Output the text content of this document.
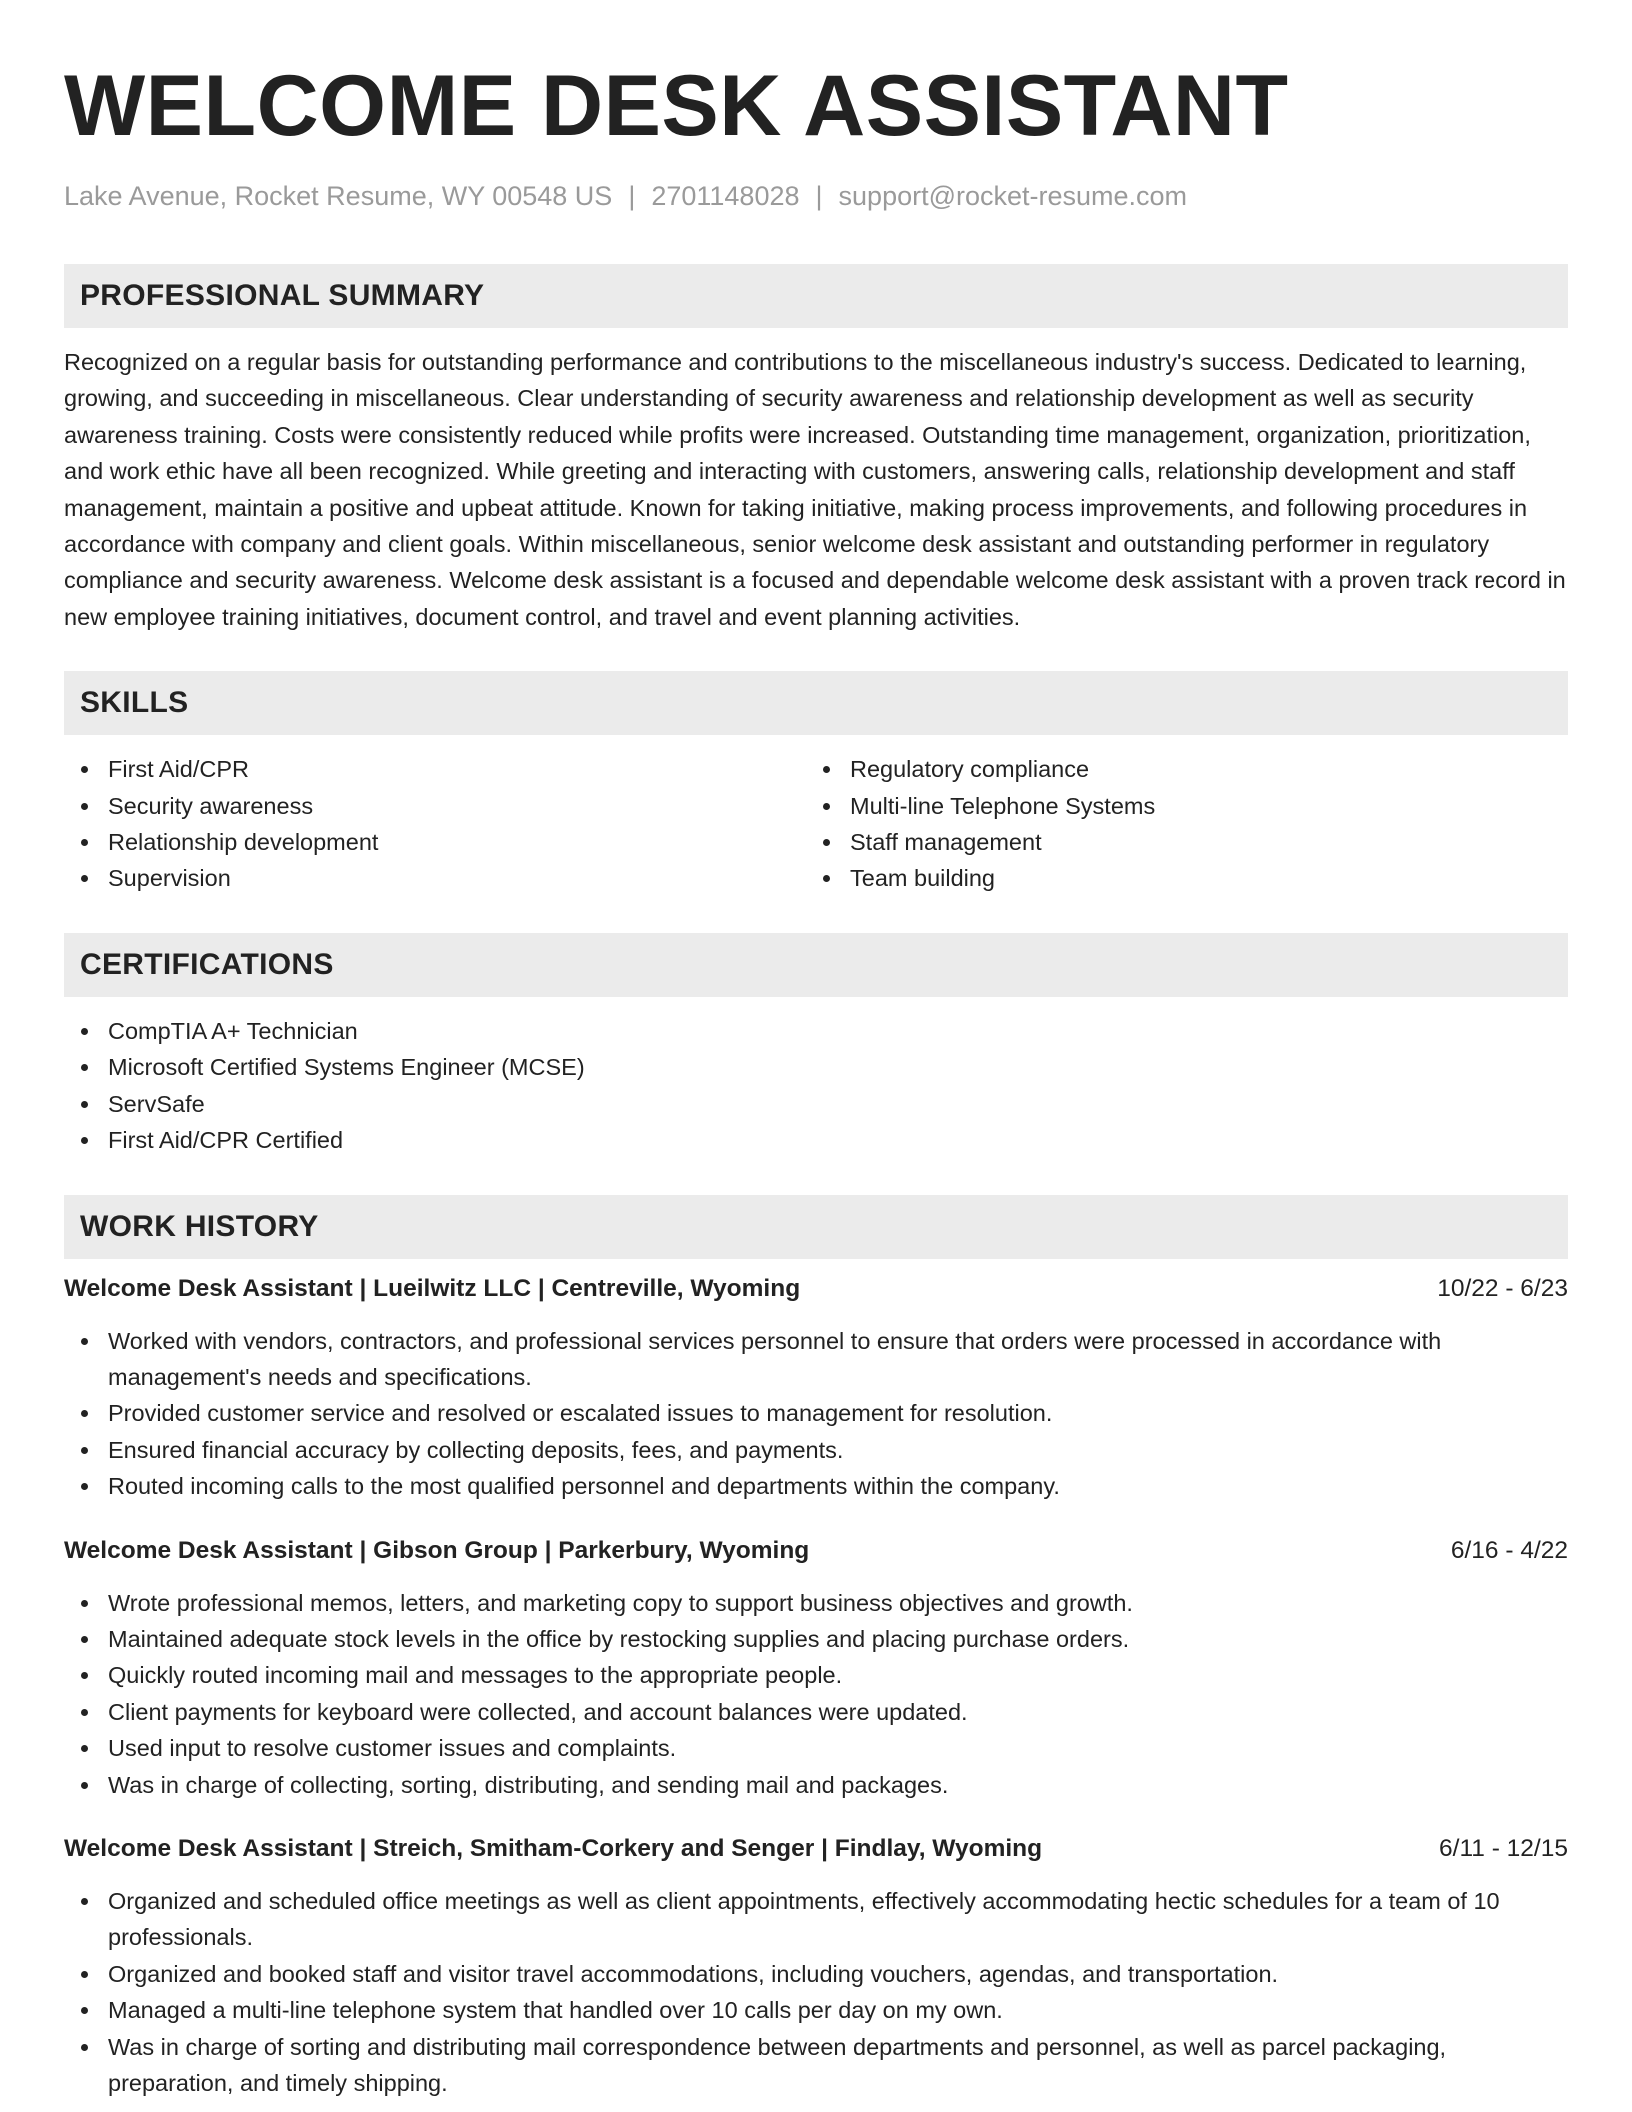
WELCOME DESK ASSISTANT
Lake Avenue, Rocket Resume, WY 00548 US | 2701148028 | support@rocket-resume.com
PROFESSIONAL SUMMARY

Recognized on a regular basis for outstanding performance and contributions to the miscellaneous industry's success. Dedicated to learning, growing, and succeeding in miscellaneous. Clear understanding of security awareness and relationship development as well as security awareness training. Costs were consistently reduced while profits were increased. Outstanding time management, organization, prioritization, and work ethic have all been recognized. While greeting and interacting with customers, answering calls, relationship development and staff management, maintain a positive and upbeat attitude. Known for taking initiative, making process improvements, and following procedures in accordance with company and client goals. Within miscellaneous, senior welcome desk assistant and outstanding performer in regulatory compliance and security awareness. Welcome desk assistant is a focused and dependable welcome desk assistant with a proven track record in new employee training initiatives, document control, and travel and event planning activities.

SKILLS
First Aid/CPR
Security awareness
Relationship development
Supervision
Regulatory compliance
Multi-line Telephone Systems
Staff management
Team building
CERTIFICATIONS
CompTIA A+ Technician
Microsoft Certified Systems Engineer (MCSE)
ServSafe
First Aid/CPR Certified
WORK HISTORY
Welcome Desk Assistant | Lueilwitz LLC | Centreville, Wyoming	10/22 - 6/23
Worked with vendors, contractors, and professional services personnel to ensure that orders were processed in accordance with management's needs and specifications.
Provided customer service and resolved or escalated issues to management for resolution.
Ensured financial accuracy by collecting deposits, fees, and payments.
Routed incoming calls to the most qualified personnel and departments within the company.
Welcome Desk Assistant | Gibson Group | Parkerbury, Wyoming	6/16 - 4/22
Wrote professional memos, letters, and marketing copy to support business objectives and growth.
Maintained adequate stock levels in the office by restocking supplies and placing purchase orders.
Quickly routed incoming mail and messages to the appropriate people.
Client payments for keyboard were collected, and account balances were updated.
Used input to resolve customer issues and complaints.
Was in charge of collecting, sorting, distributing, and sending mail and packages.
Welcome Desk Assistant | Streich, Smitham-Corkery and Senger | Findlay, Wyoming	6/11 - 12/15
Organized and scheduled office meetings as well as client appointments, effectively accommodating hectic schedules for a team of 10 professionals.
Organized and booked staff and visitor travel accommodations, including vouchers, agendas, and transportation.
Managed a multi-line telephone system that handled over 10 calls per day on my own.
Was in charge of sorting and distributing mail correspondence between departments and personnel, as well as parcel packaging, preparation, and timely shipping.
